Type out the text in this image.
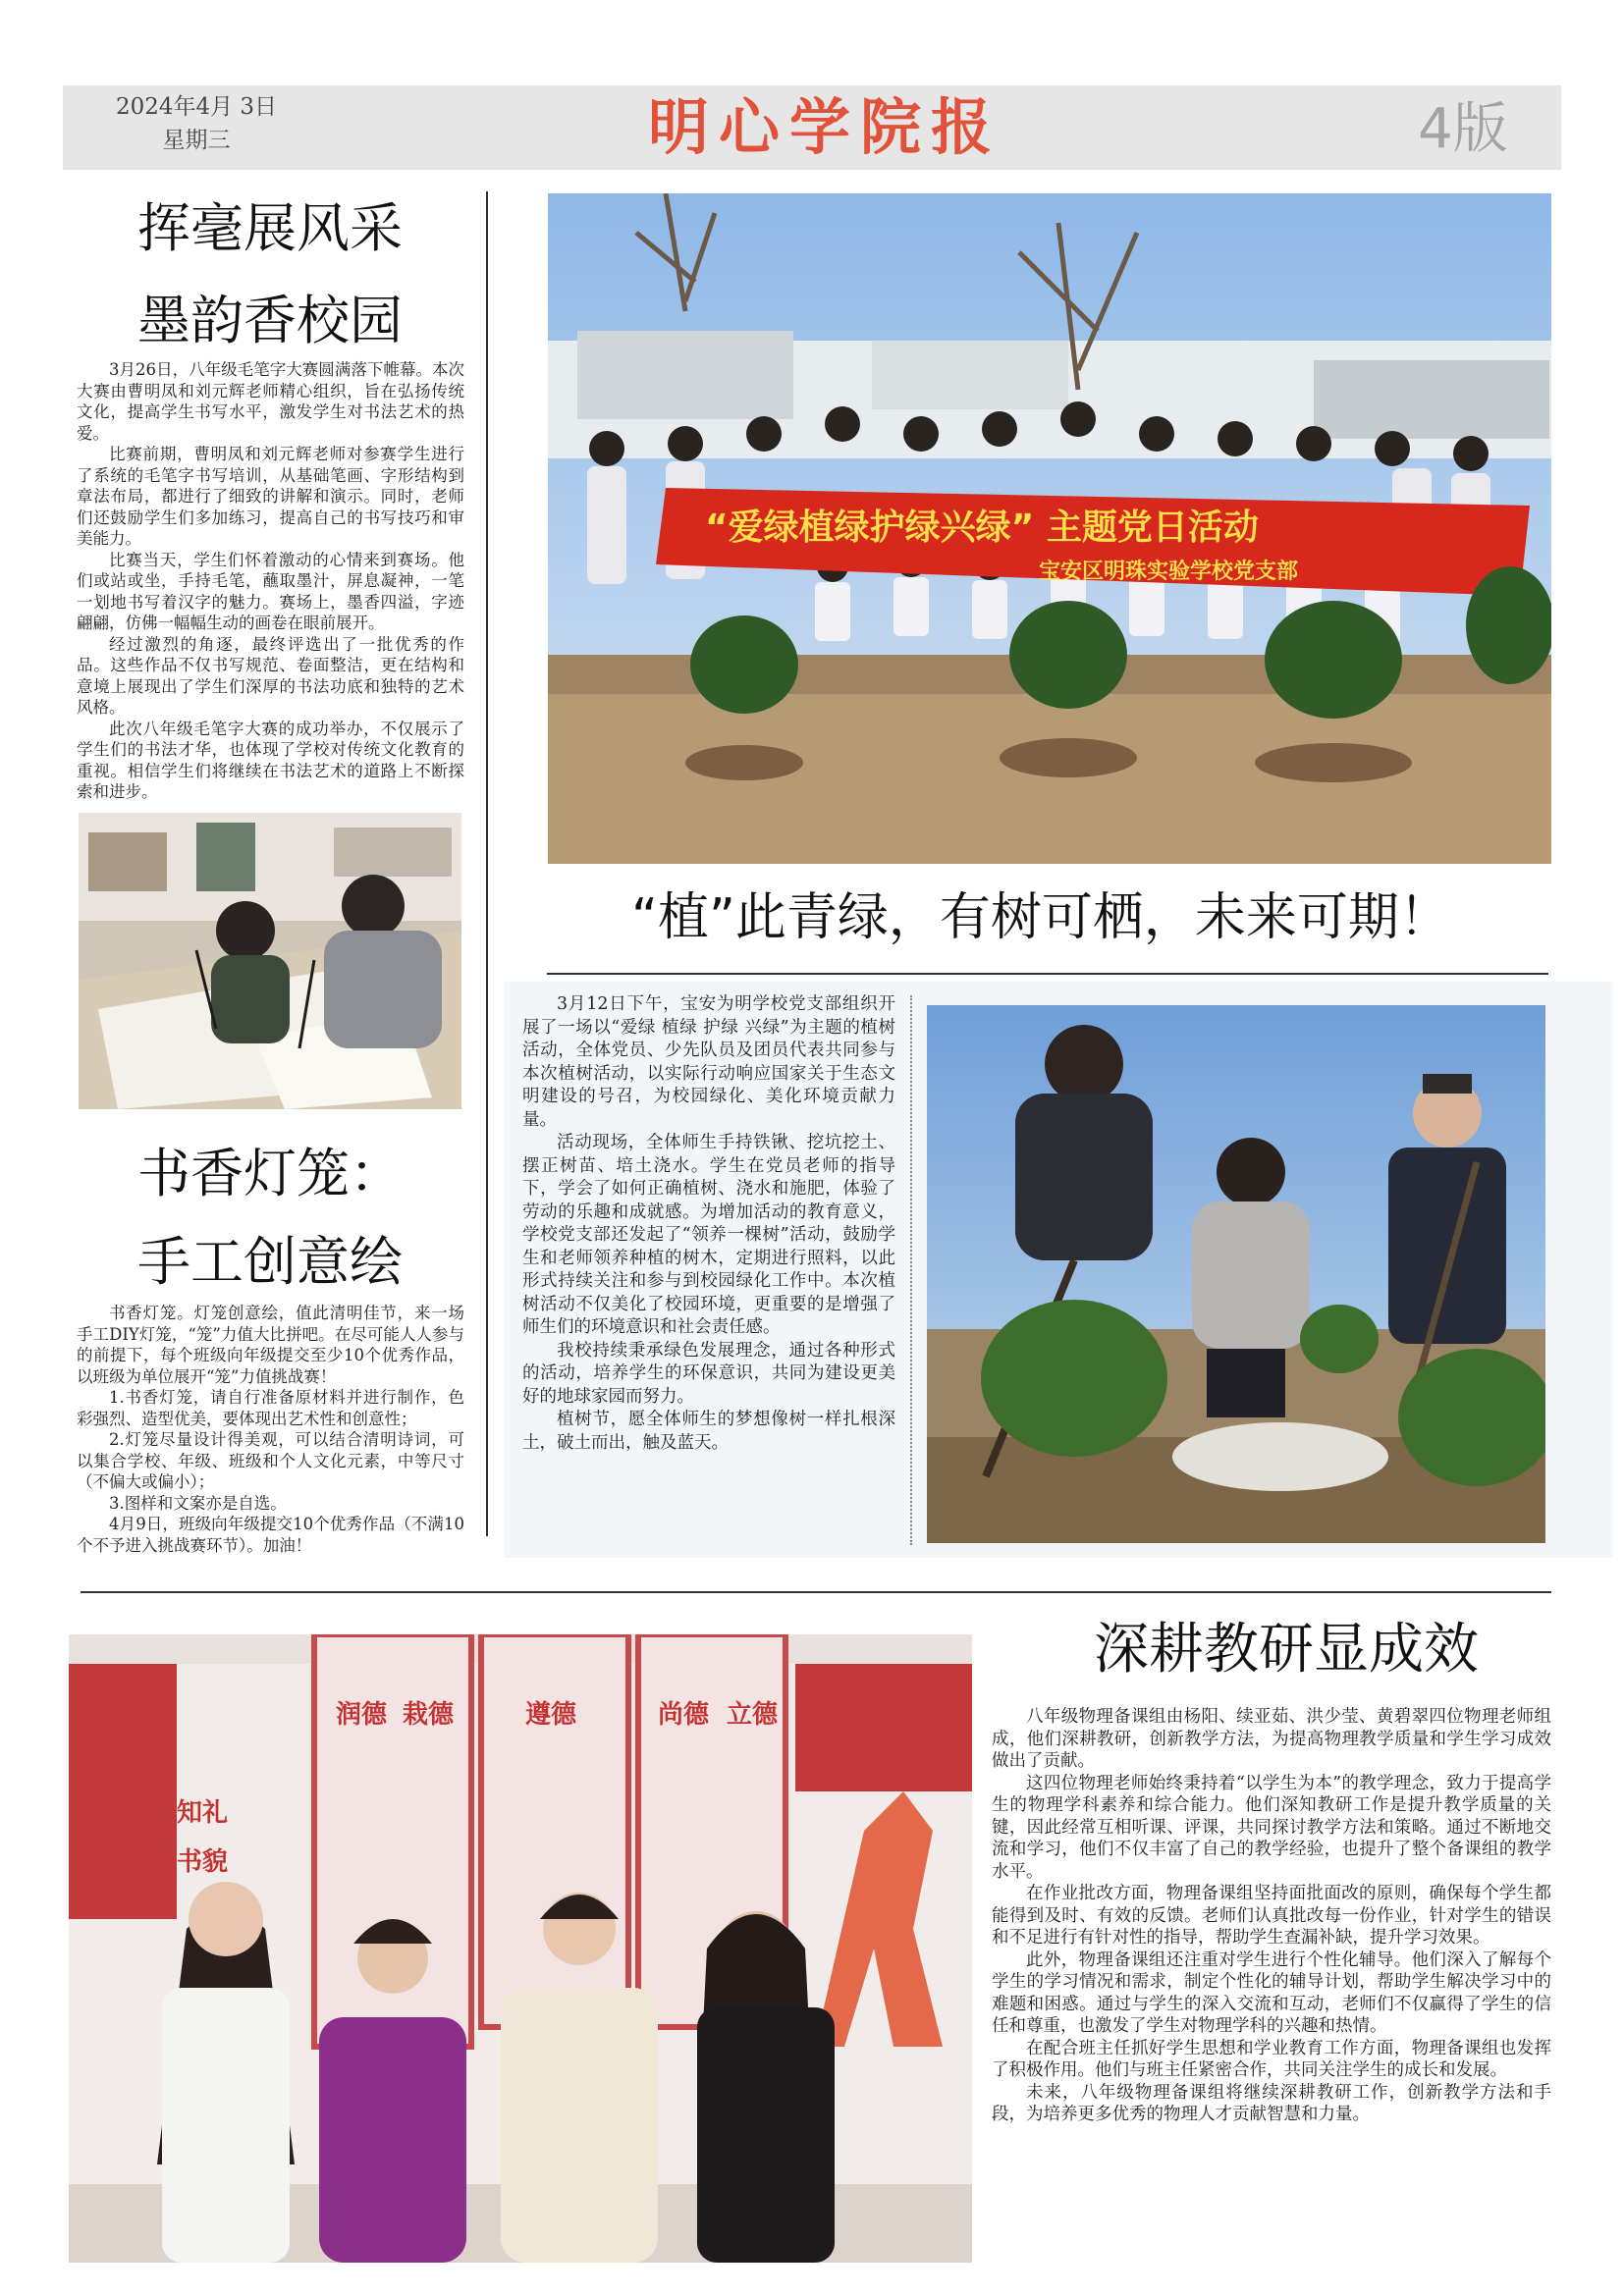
2024年4月 3日
星期三	明心学院报	4版
挥毫展风采
墨韵香校园

3月26日，八年级毛笔字大赛圆满落下帷幕。本次大赛由曹明凤和刘元辉老师精心组织，旨在弘扬传统文化，提高学生书写水平，激发学生对书法艺术的热爱。

比赛前期，曹明凤和刘元辉老师对参赛学生进行了系统的毛笔字书写培训，从基础笔画、字形结构到章法布局，都进行了细致的讲解和演示。同时，老师们还鼓励学生们多加练习，提高自己的书写技巧和审美能力。

比赛当天，学生们怀着激动的心情来到赛场。他们或站或坐，手持毛笔，蘸取墨汁，屏息凝神，一笔一划地书写着汉字的魅力。赛场上，墨香四溢，字迹翩翩，仿佛一幅幅生动的画卷在眼前展开。

经过激烈的角逐，最终评选出了一批优秀的作品。这些作品不仅书写规范、卷面整洁，更在结构和意境上展现出了学生们深厚的书法功底和独特的艺术风格。

此次八年级毛笔字大赛的成功举办，不仅展示了学生们的书法才华，也体现了学校对传统文化教育的重视。相信学生们将继续在书法艺术的道路上不断探索和进步。

书香灯笼：
手工创意绘

书香灯笼。灯笼创意绘，值此清明佳节，来一场手工DIY灯笼，“笼”力值大比拼吧。在尽可能人人参与的前提下，每个班级向年级提交至少10个优秀作品，以班级为单位展开“笼”力值挑战赛！

1.书香灯笼，请自行准备原材料并进行制作，色彩强烈、造型优美，要体现出艺术性和创意性；

2.灯笼尽量设计得美观，可以结合清明诗词，可以集合学校、年级、班级和个人文化元素，中等尺寸（不偏大或偏小）；

3.图样和文案亦是自选。

4月9日，班级向年级提交10个优秀作品（不满10个不予进入挑战赛环节）。加油！

“爱绿植绿护绿兴绿” 主题党日活动
宝安区明珠实验学校党支部
“植”此青绿，有树可栖，未来可期！

3月12日下午，宝安为明学校党支部组织开展了一场以“爱绿 植绿 护绿 兴绿”为主题的植树活动，全体党员、少先队员及团员代表共同参与本次植树活动，以实际行动响应国家关于生态文明建设的号召，为校园绿化、美化环境贡献力量。

活动现场，全体师生手持铁锹、挖坑挖土、摆正树苗、培土浇水。学生在党员老师的指导下，学会了如何正确植树、浇水和施肥，体验了劳动的乐趣和成就感。为增加活动的教育意义，学校党支部还发起了“领养一棵树”活动，鼓励学生和老师领养种植的树木，定期进行照料，以此形式持续关注和参与到校园绿化工作中。本次植树活动不仅美化了校园环境，更重要的是增强了师生们的环境意识和社会责任感。

我校持续秉承绿色发展理念，通过各种形式的活动，培养学生的环保意识，共同为建设更美好的地球家园而努力。

植树节，愿全体师生的梦想像树一样扎根深土，破土而出，触及蓝天。

润德 栽德	遵德	尚德 立德
知礼
书貌
深耕教研显成效

八年级物理备课组由杨阳、续亚茹、洪少莹、黄碧翠四位物理老师组成，他们深耕教研，创新教学方法，为提高物理教学质量和学生学习成效做出了贡献。

这四位物理老师始终秉持着“以学生为本”的教学理念，致力于提高学生的物理学科素养和综合能力。他们深知教研工作是提升教学质量的关键，因此经常互相听课、评课，共同探讨教学方法和策略。通过不断地交流和学习，他们不仅丰富了自己的教学经验，也提升了整个备课组的教学水平。

在作业批改方面，物理备课组坚持面批面改的原则，确保每个学生都能得到及时、有效的反馈。老师们认真批改每一份作业，针对学生的错误和不足进行有针对性的指导，帮助学生查漏补缺，提升学习效果。

此外，物理备课组还注重对学生进行个性化辅导。他们深入了解每个学生的学习情况和需求，制定个性化的辅导计划，帮助学生解决学习中的难题和困惑。通过与学生的深入交流和互动，老师们不仅赢得了学生的信任和尊重，也激发了学生对物理学科的兴趣和热情。

在配合班主任抓好学生思想和学业教育工作方面，物理备课组也发挥了积极作用。他们与班主任紧密合作，共同关注学生的成长和发展。

未来，八年级物理备课组将继续深耕教研工作，创新教学方法和手段，为培养更多优秀的物理人才贡献智慧和力量。
